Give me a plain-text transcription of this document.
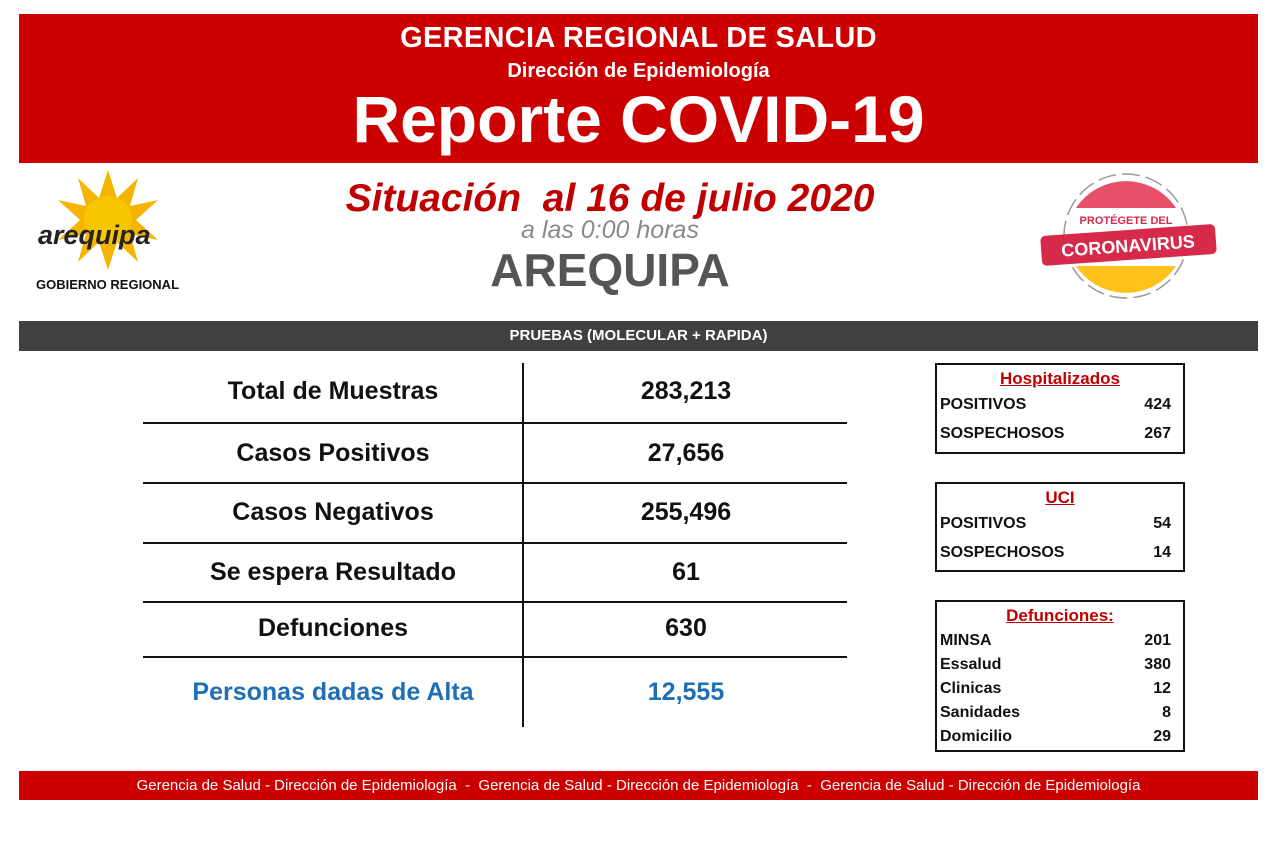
GERENCIA REGIONAL DE SALUD
Dirección de Epidemiología
Reporte COVID-19
arequipa
GOBIERNO REGIONAL
PROTÉGETE DEL
CORONAVIRUS
Situación  al 16 de julio 2020
a las 0:00 horas
AREQUIPA
PRUEBAS (MOLECULAR + RAPIDA)
Total de Muestras	283,213
Casos Positivos	27,656
Casos Negativos	255,496
Se espera Resultado	61
Defunciones	630
Personas dadas de Alta	12,555
Hospitalizados
POSITIVOS	424
SOSPECHOSOS	267
UCI
POSITIVOS	54
SOSPECHOSOS	14
Defunciones:
MINSA	201
Essalud	380
Clinicas	12
Sanidades	8
Domicilio	29
Gerencia de Salud - Dirección de Epidemiología  -  Gerencia de Salud - Dirección de Epidemiología  -  Gerencia de Salud - Dirección de Epidemiología
